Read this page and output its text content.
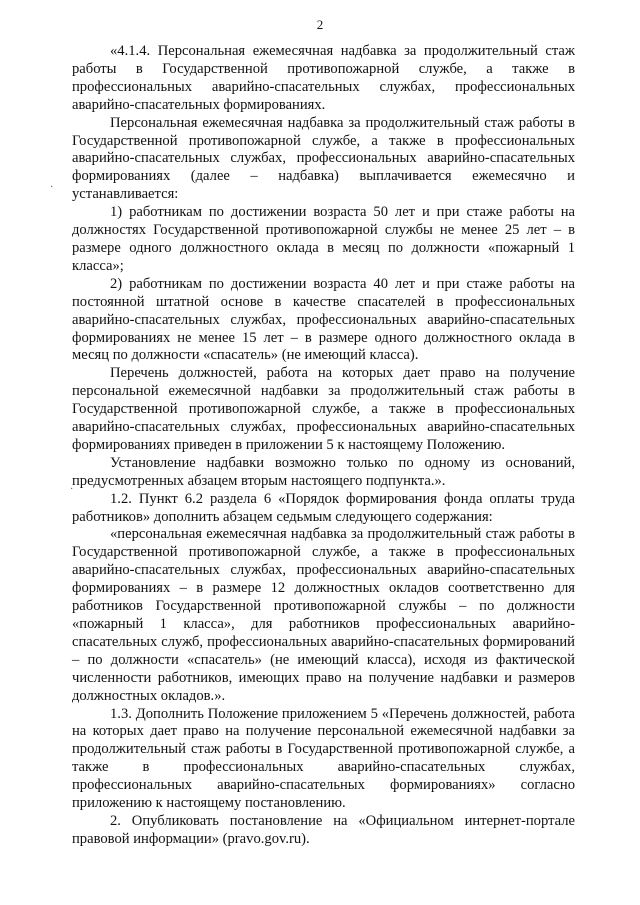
2
·
·

«4.1.4. Персональная ежемесячная надбавка за продолжительный стаж работы в Государственной противопожарной службе, а также в профессиональных аварийно-спасательных службах, профессиональных аварийно-спасательных формированиях.

Персональная ежемесячная надбавка за продолжительный стаж работы в Государственной противопожарной службе, а также в профессиональных аварийно-спасательных службах, профессиональных аварийно-спасательных формированиях (далее – надбавка) выплачивается ежемесячно и устанавливается:

1) работникам по достижении возраста 50 лет и при стаже работы на должностях Государственной противопожарной службы не менее 25 лет – в размере одного должностного оклада в месяц по должности «пожарный 1 класса»;

2) работникам по достижении возраста 40 лет и при стаже работы на постоянной штатной основе в качестве спасателей в профессиональных аварийно-спасательных службах, профессиональных аварийно-спасательных формированиях не менее 15 лет – в размере одного должностного оклада в месяц по должности «спасатель» (не имеющий класса).

Перечень должностей, работа на которых дает право на получение персональной ежемесячной надбавки за продолжительный стаж работы в Государственной противопожарной службе, а также в профессиональных аварийно-спасательных службах, профессиональных аварийно-спасательных формированиях приведен в приложении 5 к настоящему Положению.

Установление надбавки возможно только по одному из оснований, предусмотренных абзацем вторым настоящего подпункта.».

1.2. Пункт 6.2 раздела 6 «Порядок формирования фонда оплаты труда работников» дополнить абзацем седьмым следующего содержания:

«персональная ежемесячная надбавка за продолжительный стаж работы в Государственной противопожарной службе, а также в профессиональных аварийно-спасательных службах, профессиональных аварийно-спасательных формированиях – в размере 12 должностных окладов соответственно для работников Государственной противопожарной службы – по должности «пожарный 1 класса», для работников профессиональных аварийно-спасательных служб, профессиональных аварийно-спасательных формирований – по должности «спасатель» (не имеющий класса), исходя из фактической численности работников, имеющих право на получение надбавки и размеров должностных окладов.».

1.3. Дополнить Положение приложением 5 «Перечень должностей, работа на которых дает право на получение персональной ежемесячной надбавки за продолжительный стаж работы в Государственной противопожарной службе, а также в профессиональных аварийно-спасательных службах, профессиональных аварийно-спасательных формированиях» согласно приложению к настоящему постановлению.

2. Опубликовать постановление на «Официальном интернет-портале правовой информации» (pravo.gov.ru).
